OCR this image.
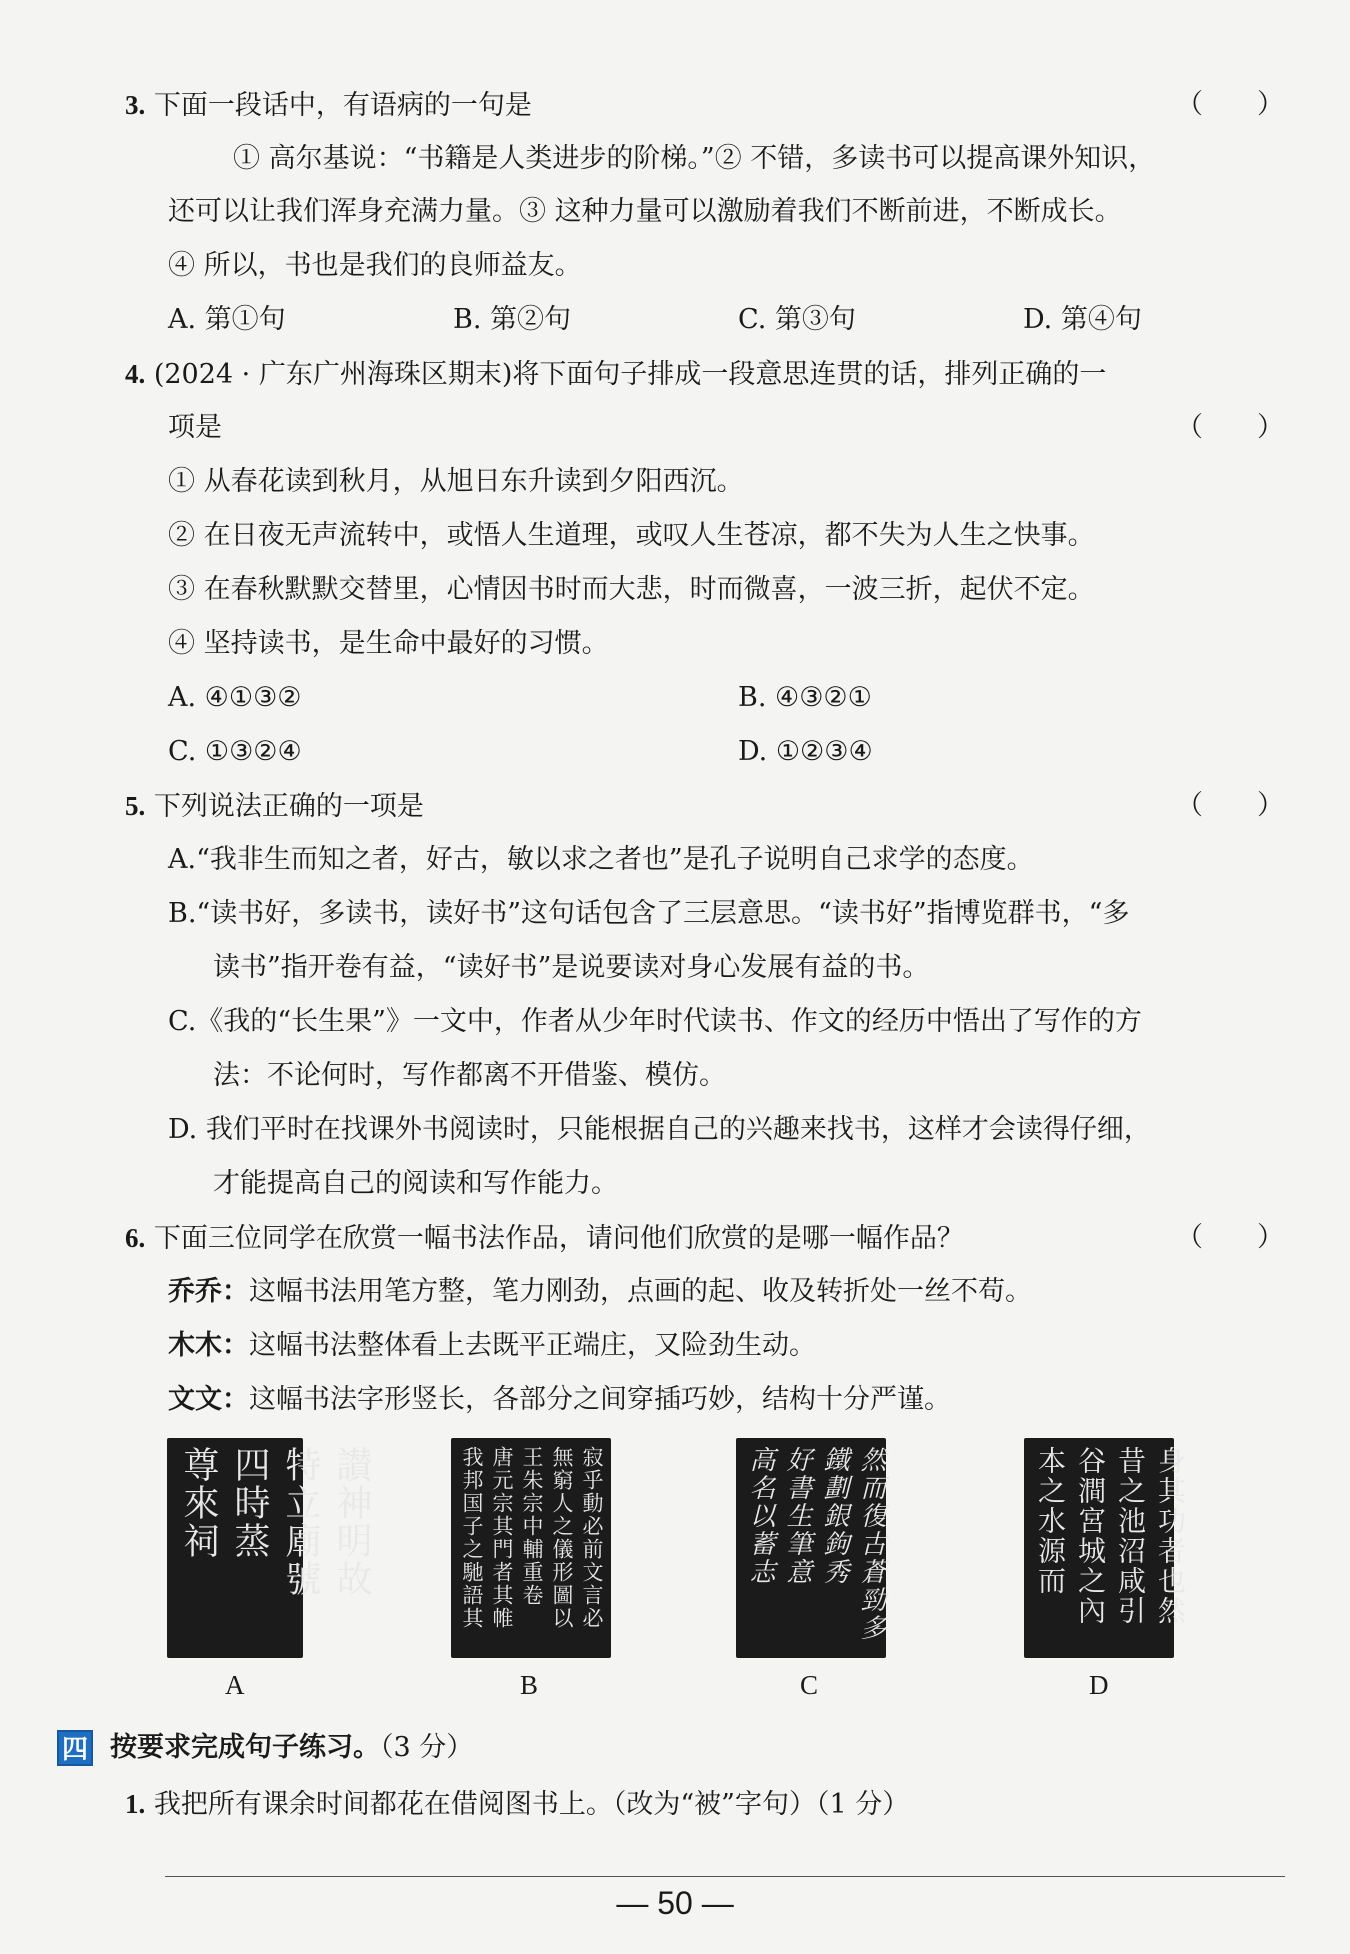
3. 下面一段话中，有语病的一句是	（　　）
① 高尔基说：“书籍是人类进步的阶梯。”② 不错，多读书可以提高课外知识，
还可以让我们浑身充满力量。③ 这种力量可以激励着我们不断前进，不断成长。
④ 所以，书也是我们的良师益友。
A. 第①句	B. 第②句	C. 第③句	D. 第④句
4. (2024 · 广东广州海珠区期末)将下面句子排成一段意思连贯的话，排列正确的一
项是	（　　）
① 从春花读到秋月，从旭日东升读到夕阳西沉。
② 在日夜无声流转中，或悟人生道理，或叹人生苍凉，都不失为人生之快事。
③ 在春秋默默交替里，心情因书时而大悲，时而微喜，一波三折，起伏不定。
④ 坚持读书，是生命中最好的习惯。
A. ④①③②	B. ④③②①
C. ①③②④	D. ①②③④
5. 下列说法正确的一项是	（　　）
A.“我非生而知之者，好古，敏以求之者也”是孔子说明自己求学的态度。
B.“读书好，多读书，读好书”这句话包含了三层意思。“读书好”指博览群书，“多
读书”指开卷有益，“读好书”是说要读对身心发展有益的书。
C.《我的“长生果”》一文中，作者从少年时代读书、作文的经历中悟出了写作的方
法：不论何时，写作都离不开借鉴、模仿。
D. 我们平时在找课外书阅读时，只能根据自己的兴趣来找书，这样才会读得仔细，
才能提高自己的阅读和写作能力。
6. 下面三位同学在欣赏一幅书法作品，请问他们欣赏的是哪一幅作品？	（　　）
乔乔：这幅书法用笔方整，笔力刚劲，点画的起、收及转折处一丝不苟。
木木：这幅书法整体看上去既平正端庄，又险劲生动。
文文：这幅书法字形竖长，各部分之间穿插巧妙，结构十分严谨。
讃神明故
特立廟號
四時蒸
尊來祠
A
寂乎動必前文言必
無窮人之儀形圖以
王朱宗中輔重卷
唐元宗其門者其帷
我邦国子之馳語其
B
然而復古蒼勁多
鐵劃銀鉤秀
好書生筆意
高名以蓄志
C
身其功者也然
昔之池沼咸引
谷澗宮城之內
本之水源而
D
四 按要求完成句子练习。（3 分）
1. 我把所有课余时间都花在借阅图书上。（改为“被”字句）（1 分）
— 50 —
